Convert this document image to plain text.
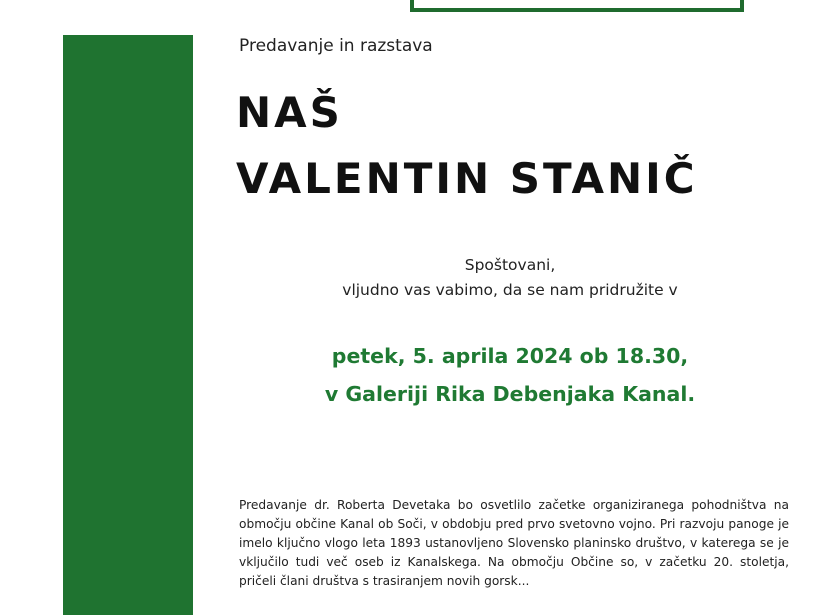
Predavanje in razstava
NAŠ
VALENTIN STANIČ
Spoštovani,
vljudno vas vabimo, da se nam pridružite v
petek, 5. aprila 2024 ob 18.30,
v Galeriji Rika Debenjaka Kanal.
Predavanje dr. Roberta Devetaka bo osvetlilo začetke organiziranega pohodništva na območju občine Kanal ob Soči, v obdobju pred prvo svetovno vojno. Pri razvoju panoge je imelo ključno vlogo leta 1893 ustanovljeno Slovensko planinsko društvo, v katerega se je vključilo tudi več oseb iz Kanalskega. Na območju Občine so, v začetku 20. stoletja, pričeli člani društva s trasiranjem novih gorsk...
